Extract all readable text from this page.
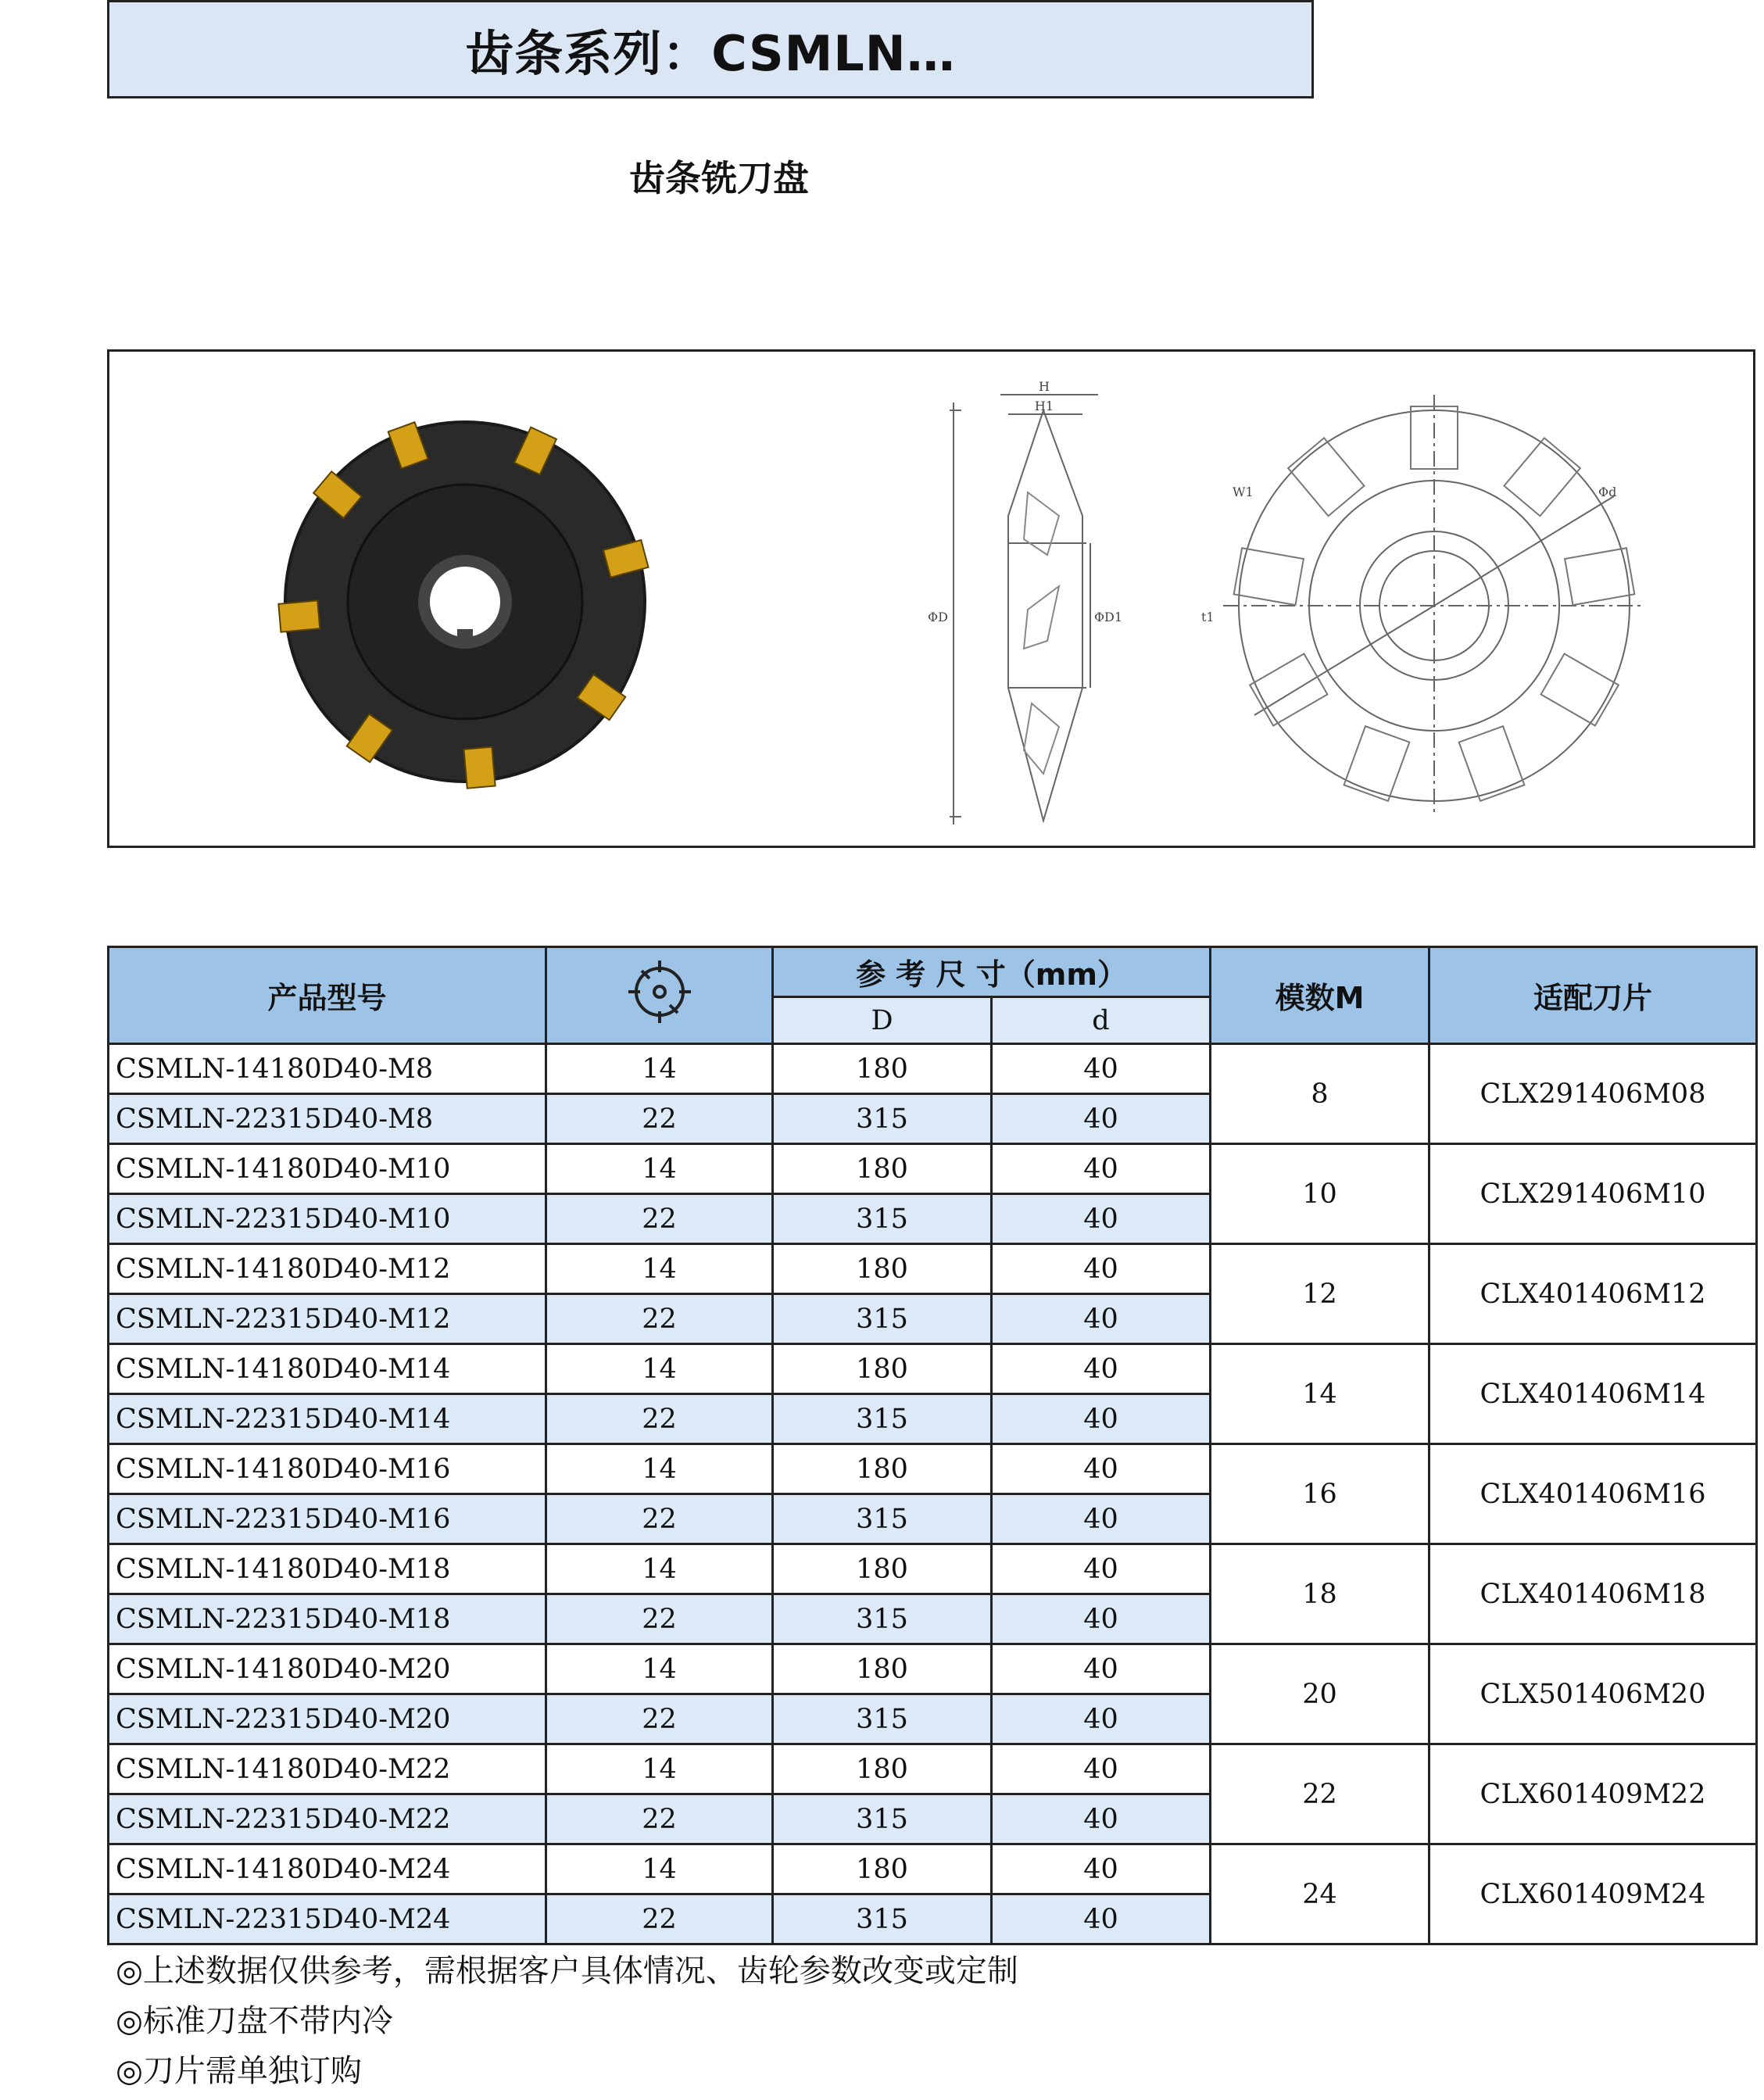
齿条系列：CSMLN…
齿条铣刀盘
H
H1
ΦD	ΦD1
W1
t1
Φd
产品型号		参 考 尺 寸（mm）		模数M	适配刀片
		D	d		
CSMLN-14180D40-M8	14	180	40	8	CLX291406M08
CSMLN-22315D40-M8	22	315	40		
CSMLN-14180D40-M10	14	180	40	10	CLX291406M10
CSMLN-22315D40-M10	22	315	40		
CSMLN-14180D40-M12	14	180	40	12	CLX401406M12
CSMLN-22315D40-M12	22	315	40		
CSMLN-14180D40-M14	14	180	40	14	CLX401406M14
CSMLN-22315D40-M14	22	315	40		
CSMLN-14180D40-M16	14	180	40	16	CLX401406M16
CSMLN-22315D40-M16	22	315	40		
CSMLN-14180D40-M18	14	180	40	18	CLX401406M18
CSMLN-22315D40-M18	22	315	40		
CSMLN-14180D40-M20	14	180	40	20	CLX501406M20
CSMLN-22315D40-M20	22	315	40		
CSMLN-14180D40-M22	14	180	40	22	CLX601409M22
CSMLN-22315D40-M22	22	315	40		
CSMLN-14180D40-M24	14	180	40	24	CLX601409M24
CSMLN-22315D40-M24	22	315	40		
◎上述数据仅供参考，需根据客户具体情况、齿轮参数改变或定制
◎标准刀盘不带内冷
◎刀片需单独订购
